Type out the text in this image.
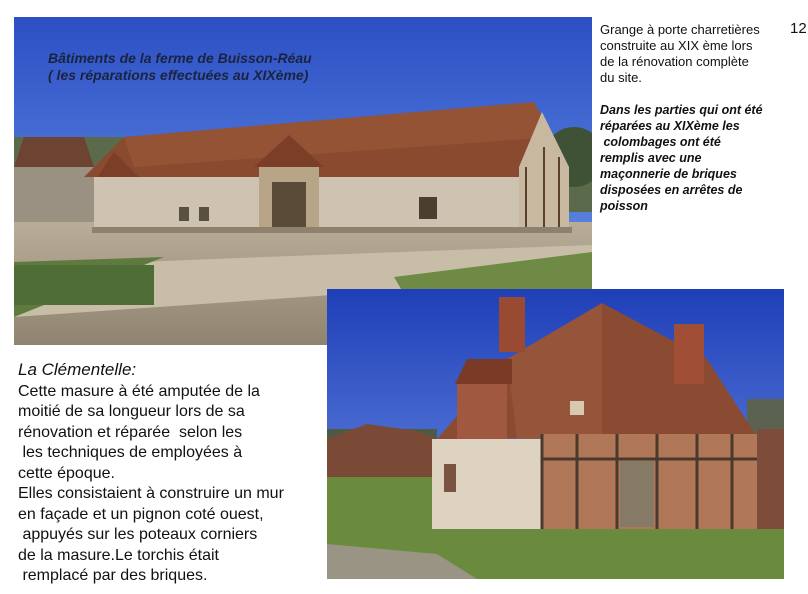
Bâtiments de la ferme de Buisson-Réau
( les réparations effectuées au XIXème)
12
Grange à porte charretières
construite au XIX ème lors
de la rénovation complète
du site.
Dans les parties qui ont été
réparées au XIXème les
colombages ont été
remplis avec une
maçonnerie de briques
disposées en arrêtes de
poisson
La Clémentelle:
Cette masure à été amputée de la
moitié de sa longueur lors de sa
rénovation et réparée  selon les
les techniques de employées à
cette époque.
Elles consistaient à construire un mur
en façade et un pignon coté ouest,
appuyés sur les poteaux corniers
de la masure.Le torchis était
remplacé par des briques.
